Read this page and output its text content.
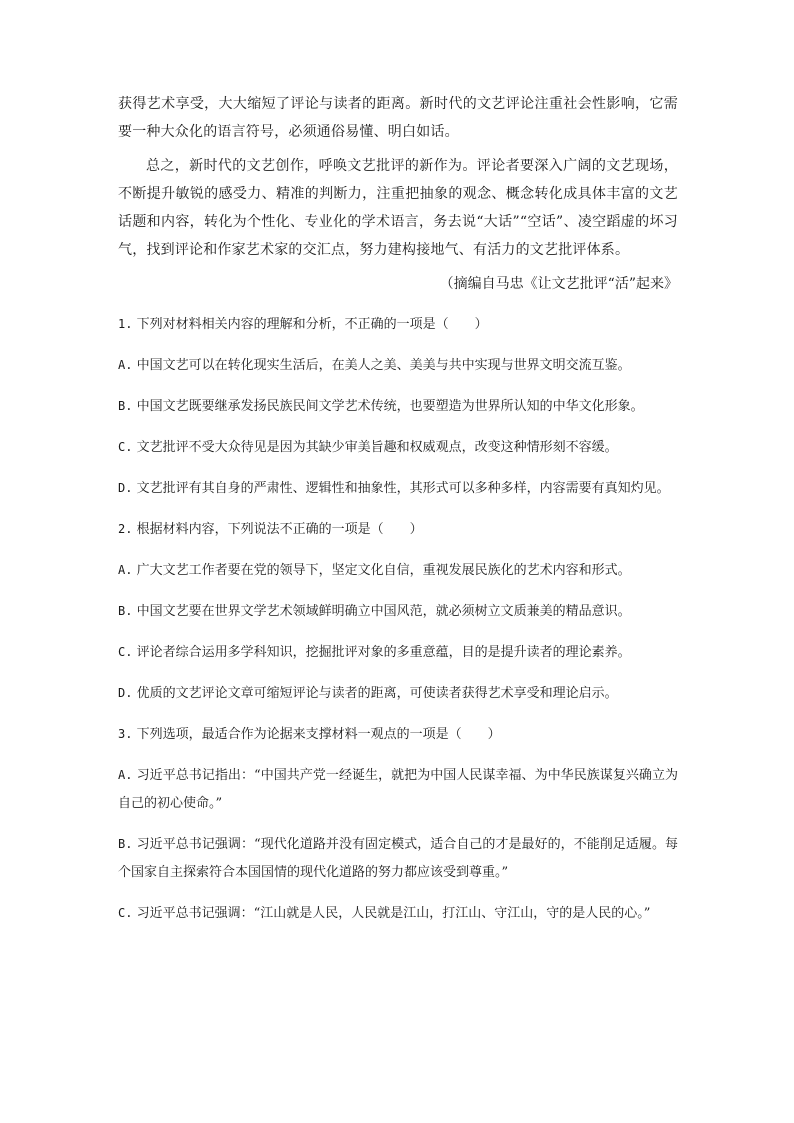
获得艺术享受，大大缩短了评论与读者的距离。新时代的文艺评论注重社会性影响，它需要一种大众化的语言符号，必须通俗易懂、明白如话。

总之，新时代的文艺创作，呼唤文艺批评的新作为。评论者要深入广阔的文艺现场，不断提升敏锐的感受力、精准的判断力，注重把抽象的观念、概念转化成具体丰富的文艺话题和内容，转化为个性化、专业化的学术语言，务去说“大话”“空话”、凌空蹈虚的坏习气，找到评论和作家艺术家的交汇点，努力建构接地气、有活力的文艺批评体系。

（摘编自马忠《让文艺批评“活”起来》

1. 下列对材料相关内容的理解和分析，不正确的一项是（　　）

A. 中国文艺可以在转化现实生活后，在美人之美、美美与共中实现与世界文明交流互鉴。

B. 中国文艺既要继承发扬民族民间文学艺术传统，也要塑造为世界所认知的中华文化形象。

C. 文艺批评不受大众待见是因为其缺少审美旨趣和权威观点，改变这种情形刻不容缓。

D. 文艺批评有其自身的严肃性、逻辑性和抽象性，其形式可以多种多样，内容需要有真知灼见。

2. 根据材料内容，下列说法不正确的一项是（　　）

A. 广大文艺工作者要在党的领导下，坚定文化自信，重视发展民族化的艺术内容和形式。

B. 中国文艺要在世界文学艺术领域鲜明确立中国风范，就必须树立文质兼美的精品意识。

C. 评论者综合运用多学科知识，挖掘批评对象的多重意蕴，目的是提升读者的理论素养。

D. 优质的文艺评论文章可缩短评论与读者的距离，可使读者获得艺术享受和理论启示。

3. 下列选项，最适合作为论据来支撑材料一观点的一项是（　　）

A. 习近平总书记指出：“中国共产党一经诞生，就把为中国人民谋幸福、为中华民族谋复兴确立为自己的初心使命。”

B. 习近平总书记强调：“现代化道路并没有固定模式，适合自己的才是最好的，不能削足适履。每个国家自主探索符合本国国情的现代化道路的努力都应该受到尊重。”

C. 习近平总书记强调：“江山就是人民，人民就是江山，打江山、守江山，守的是人民的心。”
